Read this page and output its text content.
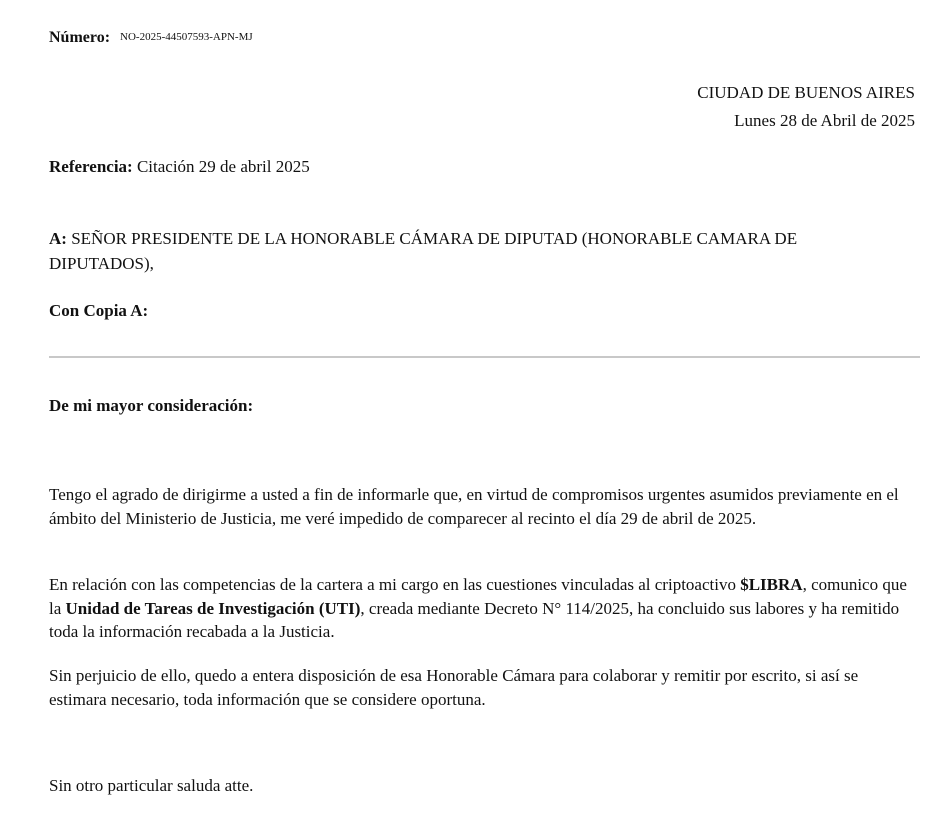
Número: NO-2025-44507593-APN-MJ
CIUDAD DE BUENOS AIRES
Lunes 28 de Abril de 2025
Referencia: Citación 29 de abril 2025
A: SEÑOR PRESIDENTE DE LA HONORABLE CÁMARA DE DIPUTAD (HONORABLE CAMARA DE DIPUTADOS),
Con Copia A:
De mi mayor consideración:

Tengo el agrado de dirigirme a usted a fin de informarle que, en virtud de compromisos urgentes asumidos previamente en el ámbito del Ministerio de Justicia, me veré impedido de comparecer al recinto el día 29 de abril de 2025.

En relación con las competencias de la cartera a mi cargo en las cuestiones vinculadas al criptoactivo $LIBRA, comunico que la Unidad de Tareas de Investigación (UTI), creada mediante Decreto N° 114/2025, ha concluido sus labores y ha remitido toda la información recabada a la Justicia.

Sin perjuicio de ello, quedo a entera disposición de esa Honorable Cámara para colaborar y remitir por escrito, si así se estimara necesario, toda información que se considere oportuna.

Sin otro particular saluda atte.
